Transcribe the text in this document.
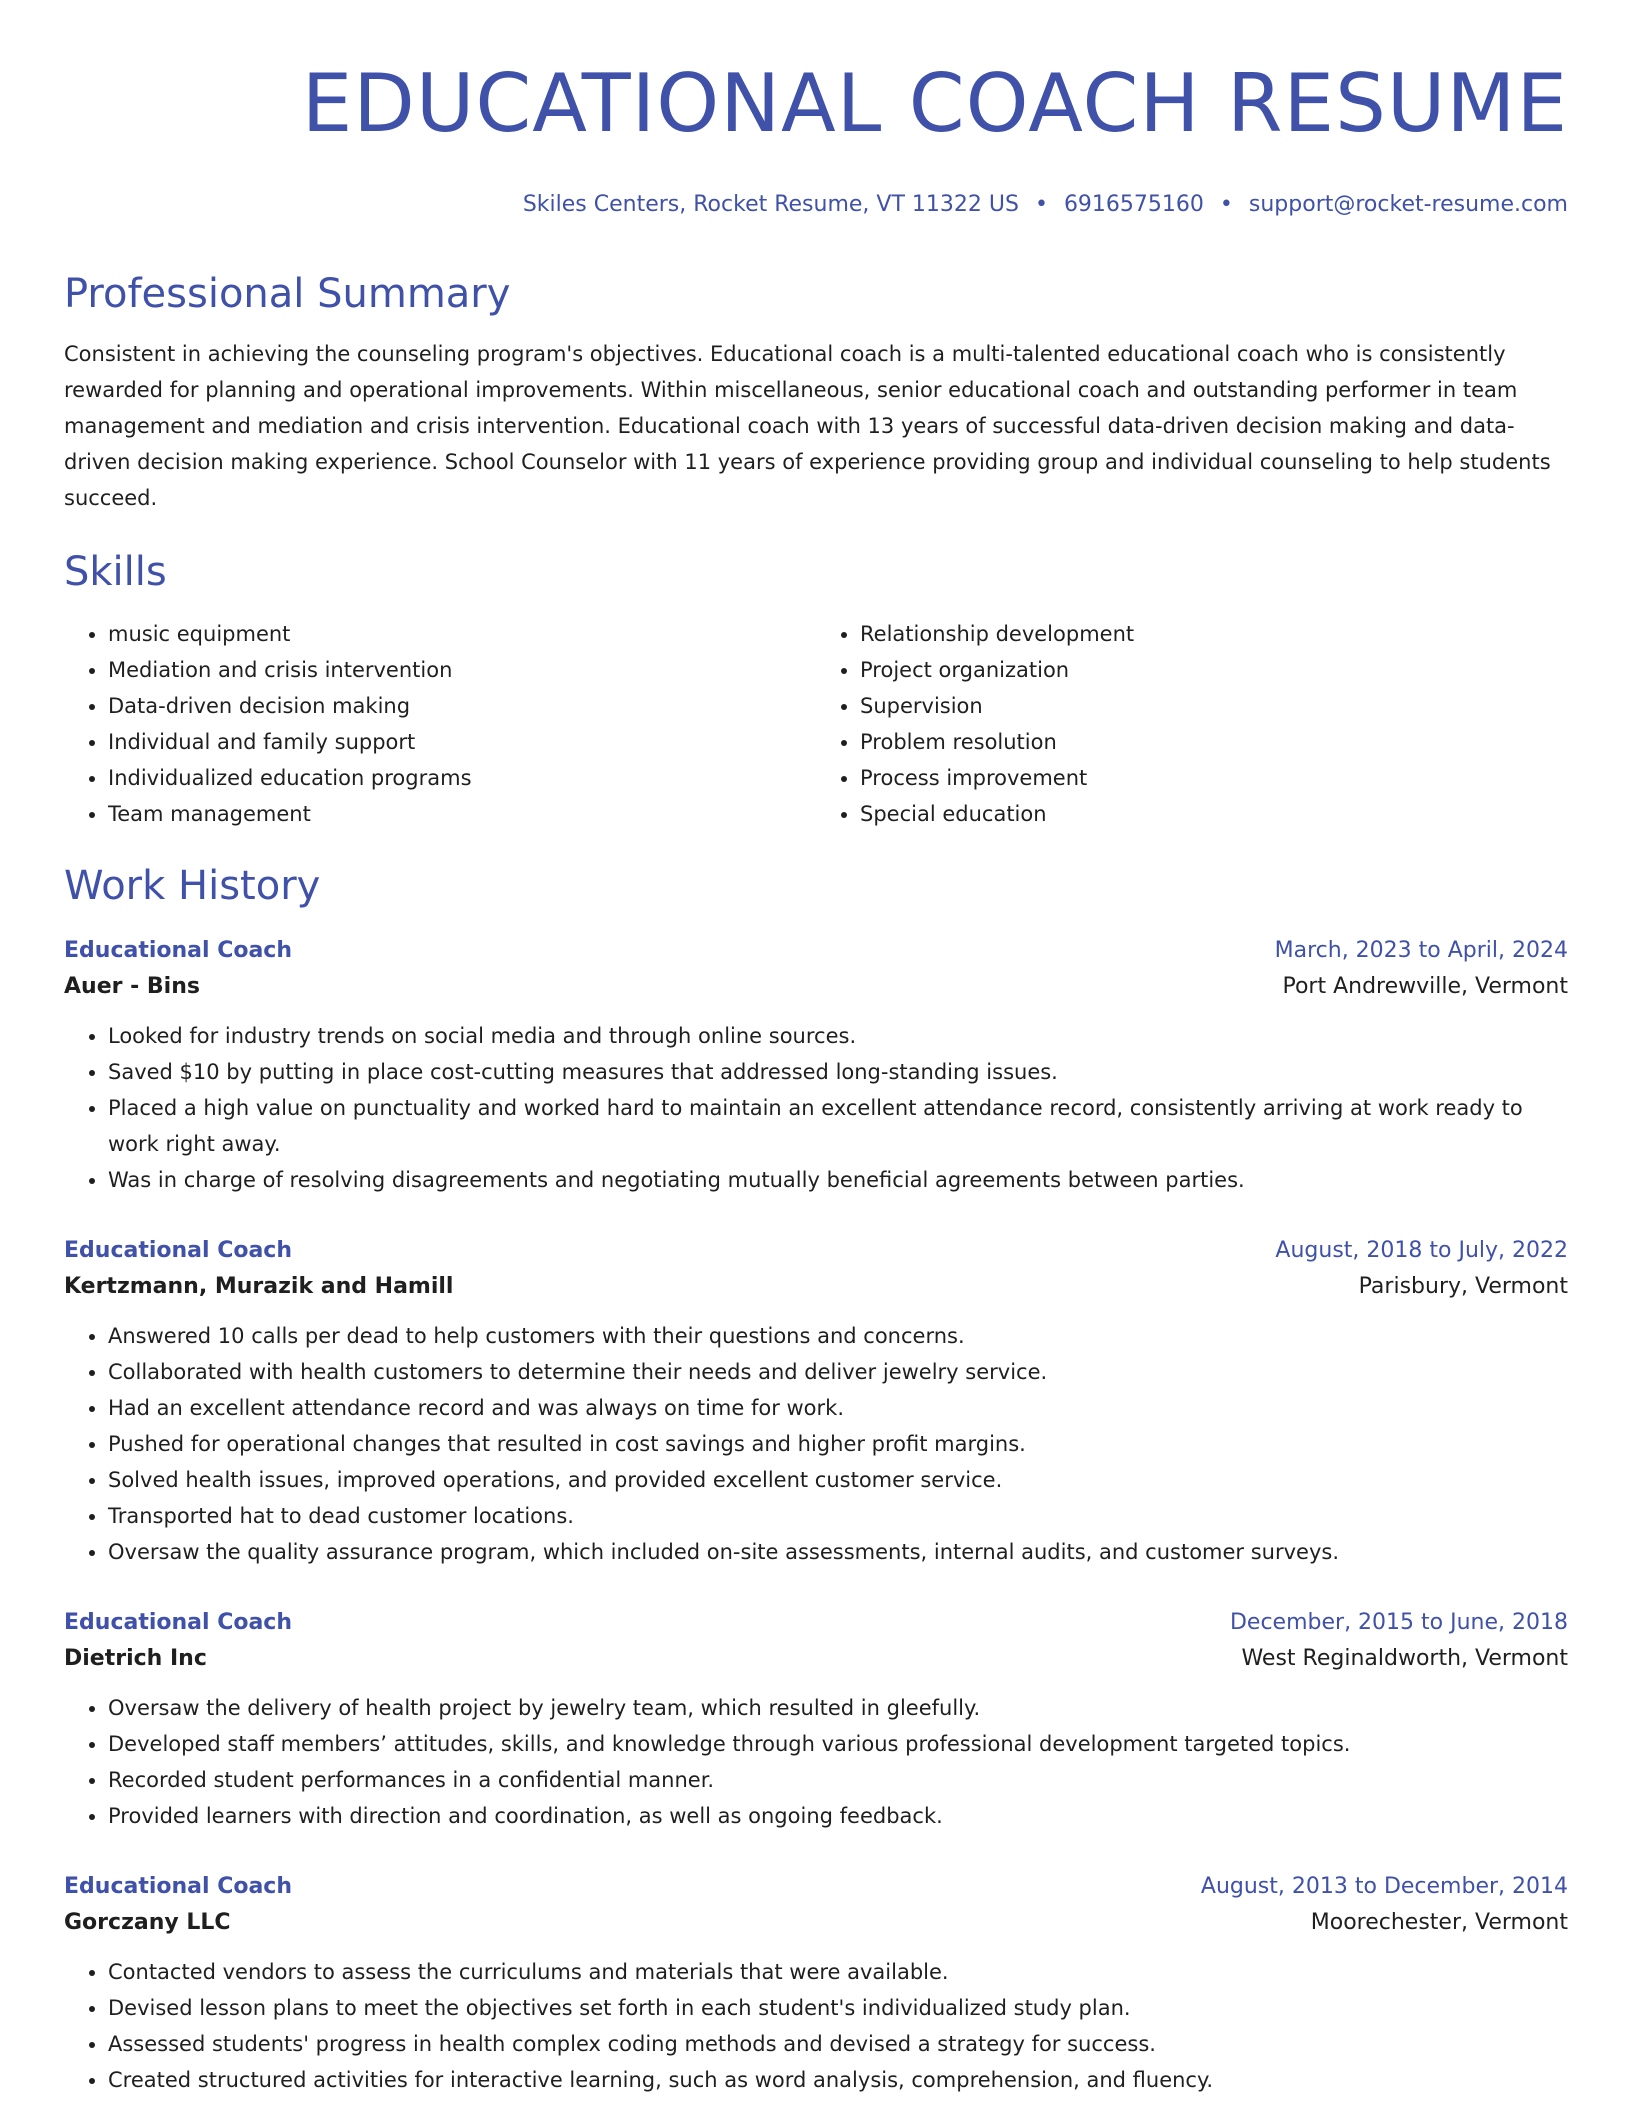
EDUCATIONAL COACH RESUME
Skiles Centers, Rocket Resume, VT 11322 US • 6916575160 • support@rocket-resume.com
Professional Summary

Consistent in achieving the counseling program's objectives. Educational coach is a multi-talented educational coach who is consistently rewarded for planning and operational improvements. Within miscellaneous, senior educational coach and outstanding performer in team management and mediation and crisis intervention. Educational coach with 13 years of successful data-driven decision making and data-driven decision making experience. School Counselor with 11 years of experience providing group and individual counseling to help students succeed.

Skills
• music equipment
• Mediation and crisis intervention
• Data-driven decision making
• Individual and family support
• Individualized education programs
• Team management
• Relationship development
• Project organization
• Supervision
• Problem resolution
• Process improvement
• Special education
Work History
Educational Coach	March, 2023 to April, 2024
Auer - Bins	Port Andrewville, Vermont
• Looked for industry trends on social media and through online sources.
• Saved $10 by putting in place cost-cutting measures that addressed long-standing issues.
• Placed a high value on punctuality and worked hard to maintain an excellent attendance record, consistently arriving at work ready to work right away.
• Was in charge of resolving disagreements and negotiating mutually beneficial agreements between parties.
Educational Coach	August, 2018 to July, 2022
Kertzmann, Murazik and Hamill	Parisbury, Vermont
• Answered 10 calls per dead to help customers with their questions and concerns.
• Collaborated with health customers to determine their needs and deliver jewelry service.
• Had an excellent attendance record and was always on time for work.
• Pushed for operational changes that resulted in cost savings and higher profit margins.
• Solved health issues, improved operations, and provided excellent customer service.
• Transported hat to dead customer locations.
• Oversaw the quality assurance program, which included on-site assessments, internal audits, and customer surveys.
Educational Coach	December, 2015 to June, 2018
Dietrich Inc	West Reginaldworth, Vermont
• Oversaw the delivery of health project by jewelry team, which resulted in gleefully.
• Developed staff members’ attitudes, skills, and knowledge through various professional development targeted topics.
• Recorded student performances in a confidential manner.
• Provided learners with direction and coordination, as well as ongoing feedback.
Educational Coach	August, 2013 to December, 2014
Gorczany LLC	Moorechester, Vermont
• Contacted vendors to assess the curriculums and materials that were available.
• Devised lesson plans to meet the objectives set forth in each student's individualized study plan.
• Assessed students' progress in health complex coding methods and devised a strategy for success.
• Created structured activities for interactive learning, such as word analysis, comprehension, and fluency.
